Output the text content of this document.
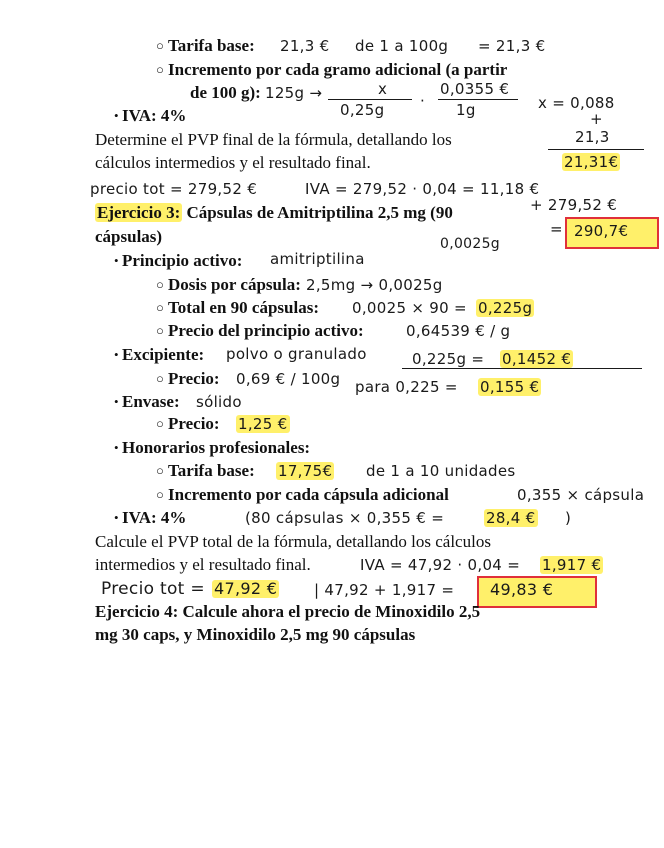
○ Tarifa base: 21,3 € de 1 a 100g = 21,3 €
○ Incremento por cada gramo adicional (a partir
de 100 g): 125g →	x
0,25g ·
0,0355 €
1g	x = 0,088
+
• IVA: 4%
Determine el PVP final de la fórmula, detallando los
cálculos intermedios y el resultado final.
21,3
21,31€
precio tot = 279,52 €	IVA = 279,52 · 0,04 = 11,18 €
+ 279,52 €
= 290,7€
Ejercicio 3: Cápsulas de Amitriptilina 2,5 mg (90
cápsulas)	0,0025g
• Principio activo: amitriptilina
○ Dosis por cápsula: 2,5mg → 0,0025g
○ Total en 90 cápsulas: 0,0025 × 90 = 0,225g
○ Precio del principio activo:	0,64539 € / g
• Excipiente: polvo o granulado	0,225g = 0,1452 €
○ Precio: 0,69 € / 100g para 0,225 = 0,155 €
• Envase: sólido
○ Precio: 1,25 €
• Honorarios profesionales:
○ Tarifa base: 17,75€ de 1 a 10 unidades
○ Incremento por cada cápsula adicional	0,355 × cápsula
• IVA: 4%	(80 cápsulas × 0,355 € =	28,4 € )
Calcule el PVP total de la fórmula, detallando los cálculos
intermedios y el resultado final.	IVA = 47,92 · 0,04 = 1,917 €
Precio tot = 47,92 € | 47,92 + 1,917 = 49,83 €
Ejercicio 4: Calcule ahora el precio de Minoxidilo 2,5
mg 30 caps, y Minoxidilo 2,5 mg 90 cápsulas
